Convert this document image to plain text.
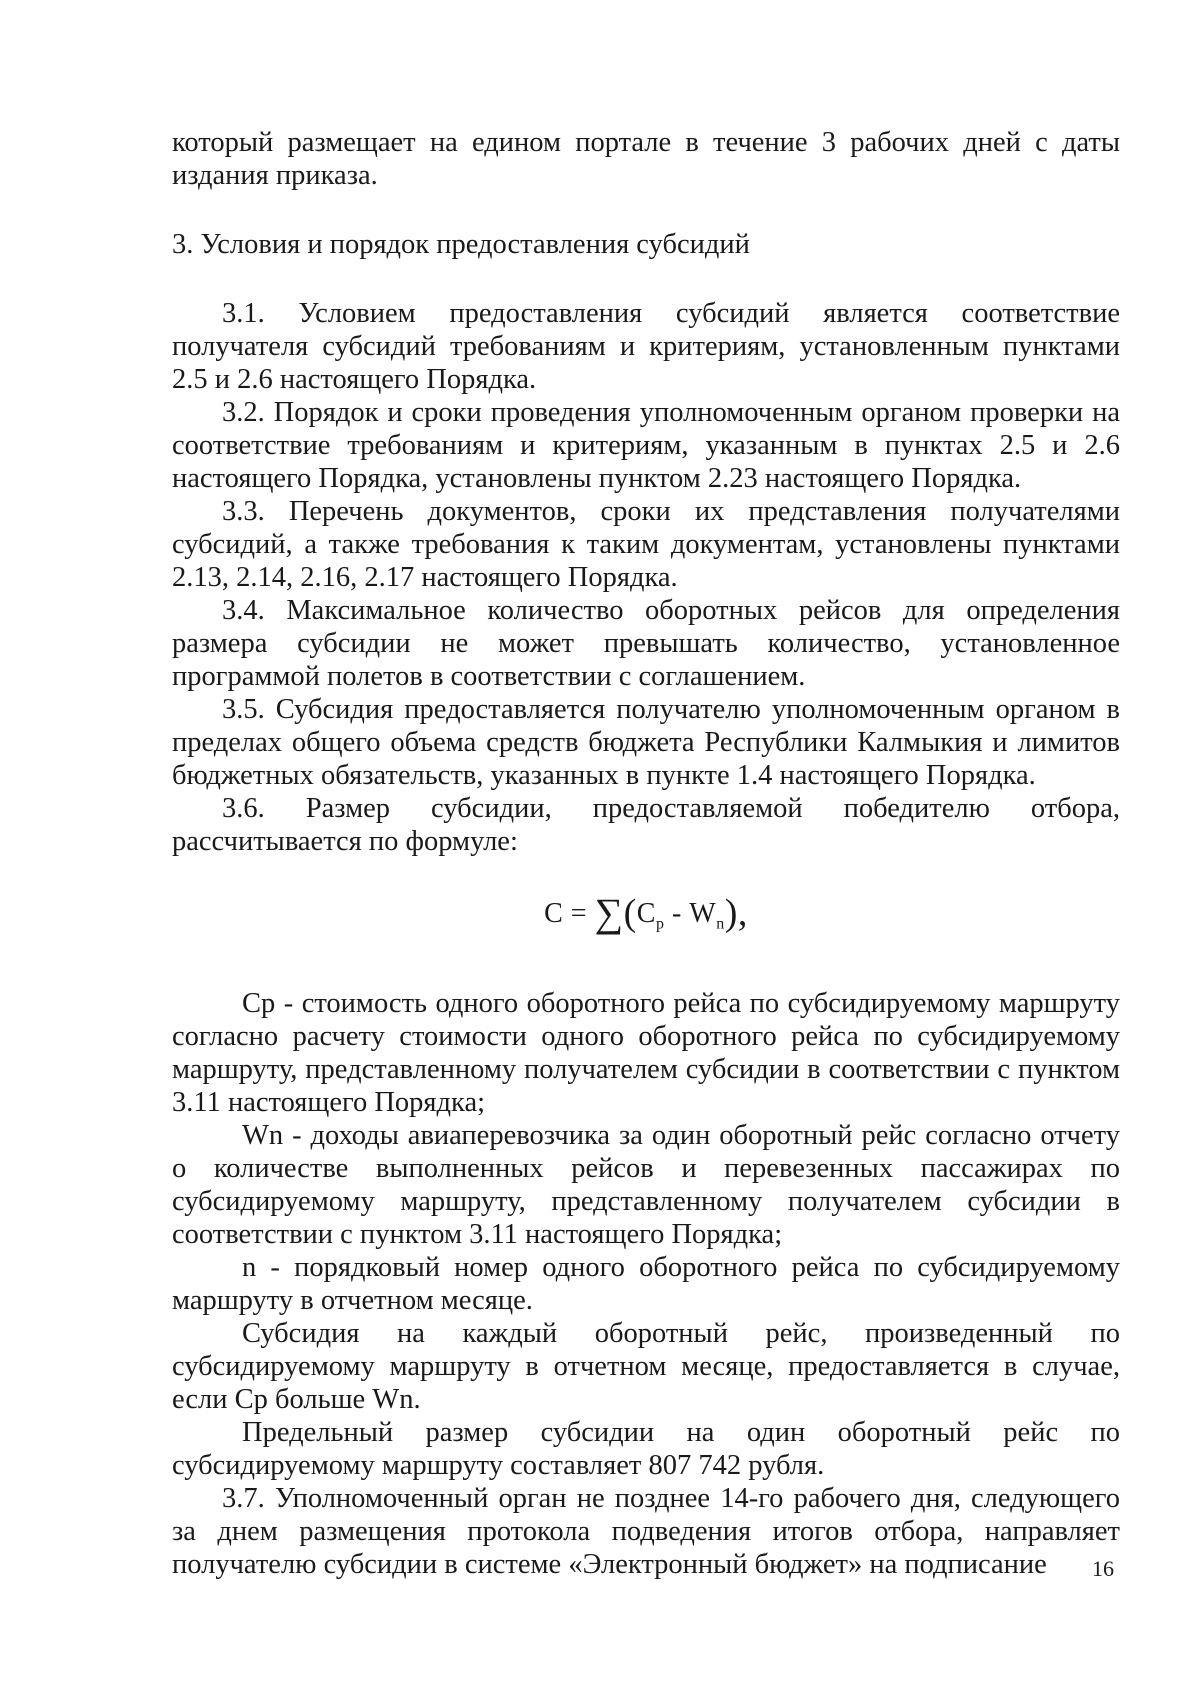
который размещает на едином портале в течение 3 рабочих дней с даты издания приказа.

3. Условия и порядок предоставления субсидий

3.1. Условием предоставления субсидий является соответствие получателя субсидий требованиям и критериям, установленным пунктами 2.5 и 2.6 настоящего Порядка.

3.2. Порядок и сроки проведения уполномоченным органом проверки на соответствие требованиям и критериям, указанным в пунктах 2.5 и 2.6 настоящего Порядка, установлены пунктом 2.23 настоящего Порядка.

3.3. Перечень документов, сроки их представления получателями субсидий, а также требования к таким документам, установлены пунктами 2.13, 2.14, 2.16, 2.17 настоящего Порядка.

3.4. Максимальное количество оборотных рейсов для определения размера субсидии не может превышать количество, установленное программой полетов в соответствии с соглашением.

3.5. Субсидия предоставляется получателю уполномоченным органом в пределах общего объема средств бюджета Республики Калмыкия и лимитов бюджетных обязательств, указанных в пункте 1.4 настоящего Порядка.

3.6. Размер субсидии, предоставляемой победителю отбора, рассчитывается по формуле:

$С = \sum(С_р - W_n)$,

Ср - стоимость одного оборотного рейса по субсидируемому маршруту согласно расчету стоимости одного оборотного рейса по субсидируемому маршруту, представленному получателем субсидии в соответствии с пунктом 3.11 настоящего Порядка;

Wn - доходы авиаперевозчика за один оборотный рейс согласно отчету о количестве выполненных рейсов и перевезенных пассажирах по субсидируемому маршруту, представленному получателем субсидии в соответствии с пунктом 3.11 настоящего Порядка;

n - порядковый номер одного оборотного рейса по субсидируемому маршруту в отчетном месяце.

Субсидия на каждый оборотный рейс, произведенный по субсидируемому маршруту в отчетном месяце, предоставляется в случае, если Ср больше Wn.

Предельный размер субсидии на один оборотный рейс по субсидируемому маршруту составляет 807 742 рубля.

3.7. Уполномоченный орган не позднее 14-го рабочего дня, следующего за днем размещения протокола подведения итогов отбора, направляет получателю субсидии в системе «Электронный бюджет» на подписание	16
